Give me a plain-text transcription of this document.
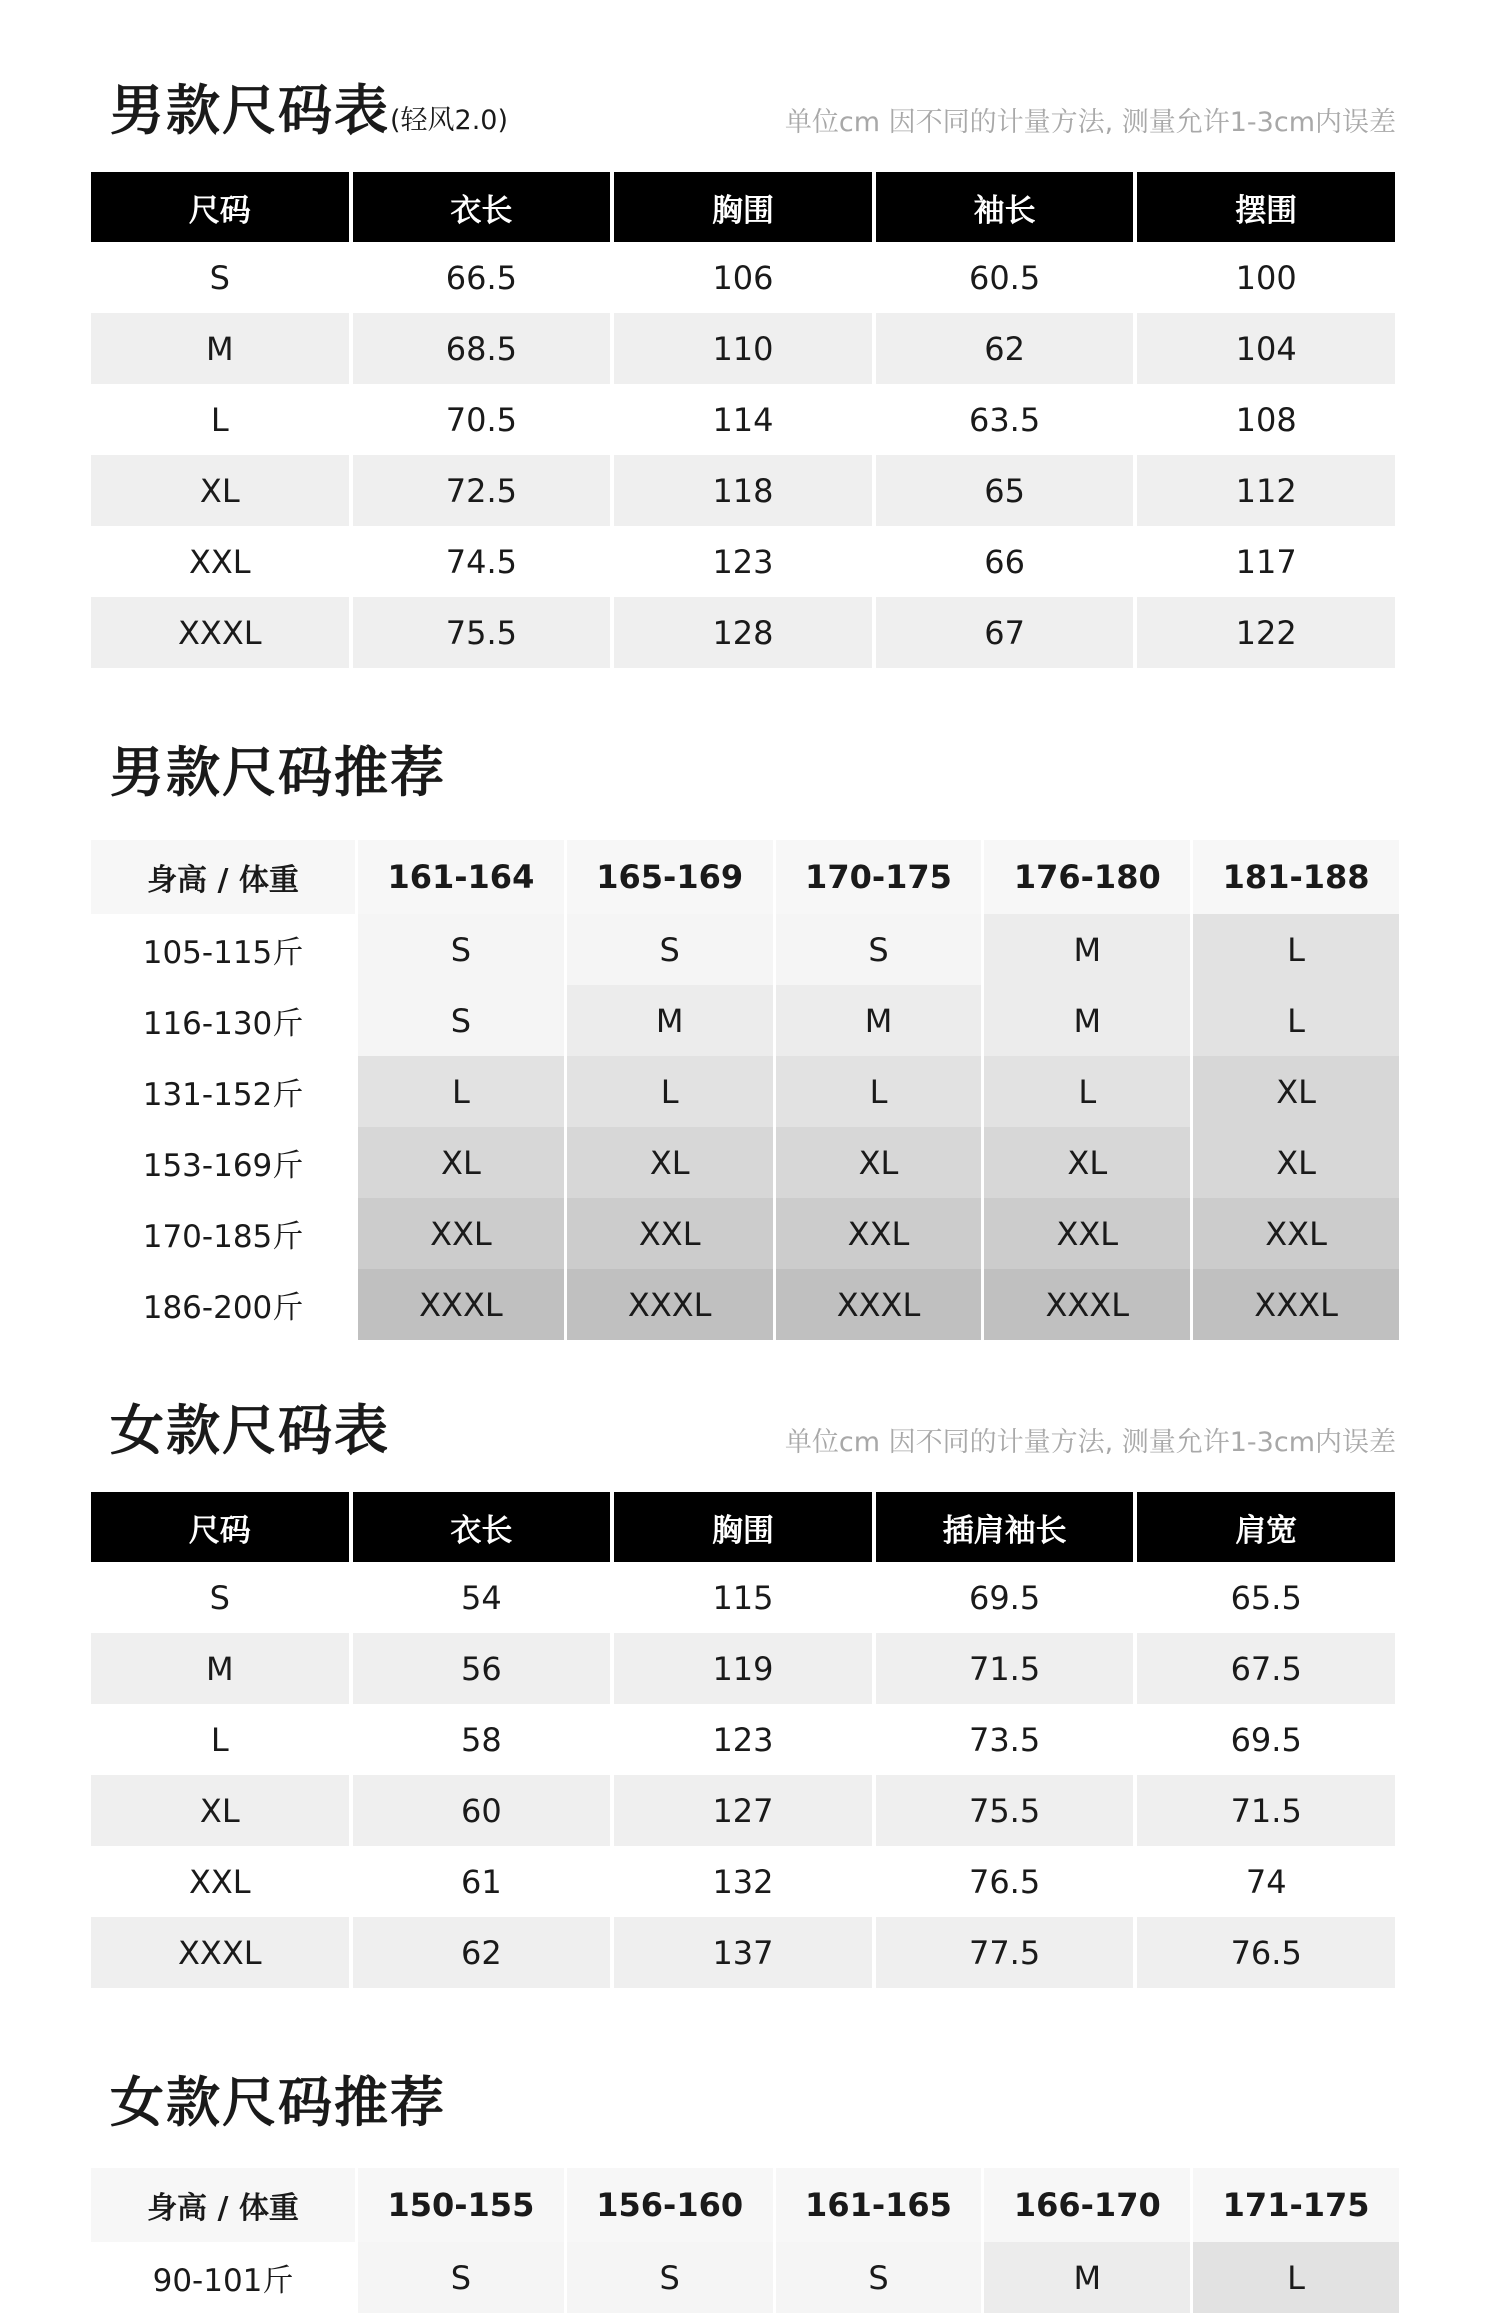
男款尺码表(轻风2.0)	单位cm 因不同的计量方法, 测量允许1-3cm内误差
尺码	衣长	胸围	袖长	摆围
S	66.5	106	60.5	100
M	68.5	110	62	104
L	70.5	114	63.5	108
XL	72.5	118	65	112
XXL	74.5	123	66	117
XXXL	75.5	128	67	122
男款尺码推荐
身高 / 体重	161-164	165-169	170-175	176-180	181-188
105-115斤	S	S	S	M	L
116-130斤	S	M	M	M	L
131-152斤	L	L	L	L	XL
153-169斤	XL	XL	XL	XL	XL
170-185斤	XXL	XXL	XXL	XXL	XXL
186-200斤	XXXL	XXXL	XXXL	XXXL	XXXL
女款尺码表	单位cm 因不同的计量方法, 测量允许1-3cm内误差
尺码	衣长	胸围	插肩袖长	肩宽
S	54	115	69.5	65.5
M	56	119	71.5	67.5
L	58	123	73.5	69.5
XL	60	127	75.5	71.5
XXL	61	132	76.5	74
XXXL	62	137	77.5	76.5
女款尺码推荐
身高 / 体重	150-155	156-160	161-165	166-170	171-175
90-101斤	S	S	S	M	L
